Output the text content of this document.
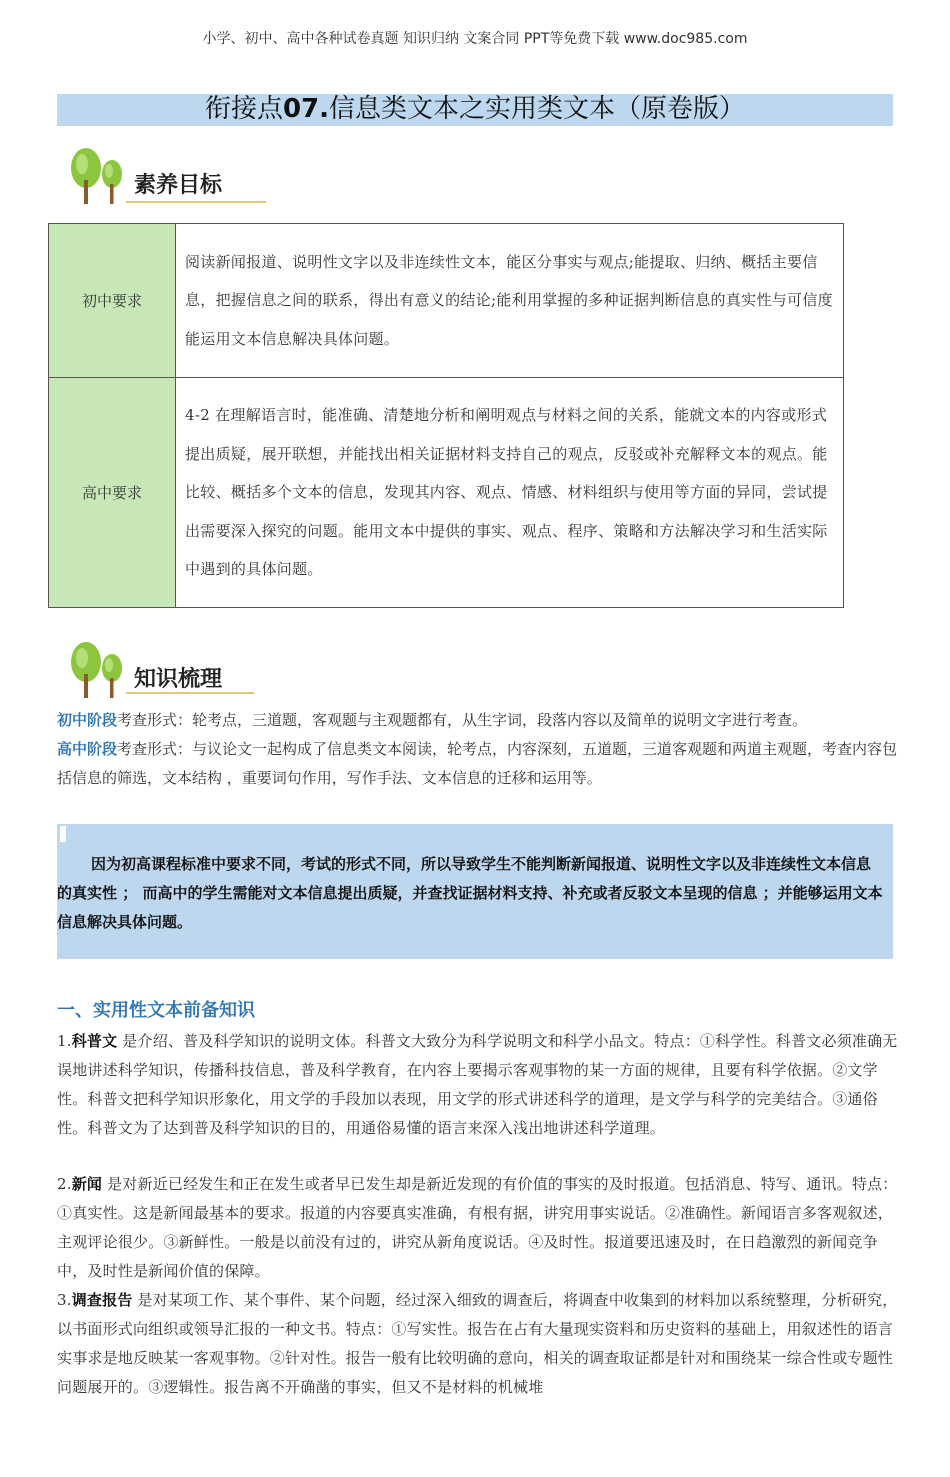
小学、初中、高中各种试卷真题 知识归纳 文案合同 PPT等免费下载 www.doc985.com
衔接点07.信息类文本之实用类文本（原卷版）
素养目标
初中要求	阅读新闻报道、说明性文字以及非连续性文本，能区分事实与观点;能提取、归纳、概括主要信息，把握信息之间的联系，得出有意义的结论;能利用掌握的多种证据判断信息的真实性与可信度能运用文本信息解决具体问题。
高中要求	4-2 在理解语言时，能准确、清楚地分析和阐明观点与材料之间的关系，能就文本的内容或形式提出质疑，展开联想，并能找出相关证据材料支持自己的观点，反驳或补充解释文本的观点。能比较、概括多个文本的信息，发现其内容、观点、情感、材料组织与使用等方面的异同，尝试提出需要深入探究的问题。能用文本中提供的事实、观点、程序、策略和方法解决学习和生活实际中遇到的具体问题。
知识梳理
初中阶段考查形式：轮考点，三道题，客观题与主观题都有，从生字词，段落内容以及简单的说明文字进行考查。
高中阶段考查形式：与议论文一起构成了信息类文本阅读，轮考点，内容深刻，五道题，三道客观题和两道主观题，考查内容包括信息的筛选，文本结构 ，重要词句作用，写作手法、文本信息的迁移和运用等。
因为初高课程标准中要求不同，考试的形式不同，所以导致学生不能判断新闻报道、说明性文字以及非连续性文本信息的真实性 ； 而高中的学生需能对文本信息提出质疑，并查找证据材料支持、补充或者反驳文本呈现的信息 ；并能够运用文本信息解决具体问题。
一、实用性文本前备知识
1.科普文 是介绍、普及科学知识的说明文体。科普文大致分为科学说明文和科学小品文。特点：①科学性。科普文必须准确无误地讲述科学知识，传播科技信息，普及科学教育，在内容上要揭示客观事物的某一方面的规律，且要有科学依据。②文学性。科普文把科学知识形象化，用文学的手段加以表现，用文学的形式讲述科学的道理，是文学与科学的完美结合。③通俗性。科普文为了达到普及科学知识的目的，用通俗易懂的语言来深入浅出地讲述科学道理。
2.新闻 是对新近已经发生和正在发生或者早已发生却是新近发现的有价值的事实的及时报道。包括消息、特写、通讯。特点：①真实性。这是新闻最基本的要求。报道的内容要真实准确，有根有据，讲究用事实说话。②准确性。新闻语言多客观叙述，主观评论很少。③新鲜性。一般是以前没有过的，讲究从新角度说话。④及时性。报道要迅速及时，在日趋激烈的新闻竞争中，及时性是新闻价值的保障。
3.调查报告 是对某项工作、某个事件、某个问题，经过深入细致的调查后，将调查中收集到的材料加以系统整理，分析研究，以书面形式向组织或领导汇报的一种文书。特点：①写实性。报告在占有大量现实资料和历史资料的基础上，用叙述性的语言实事求是地反映某一客观事物。②针对性。报告一般有比较明确的意向，相关的调查取证都是针对和围绕某一综合性或专题性问题展开的。③逻辑性。报告离不开确凿的事实，但又不是材料的机械堆
